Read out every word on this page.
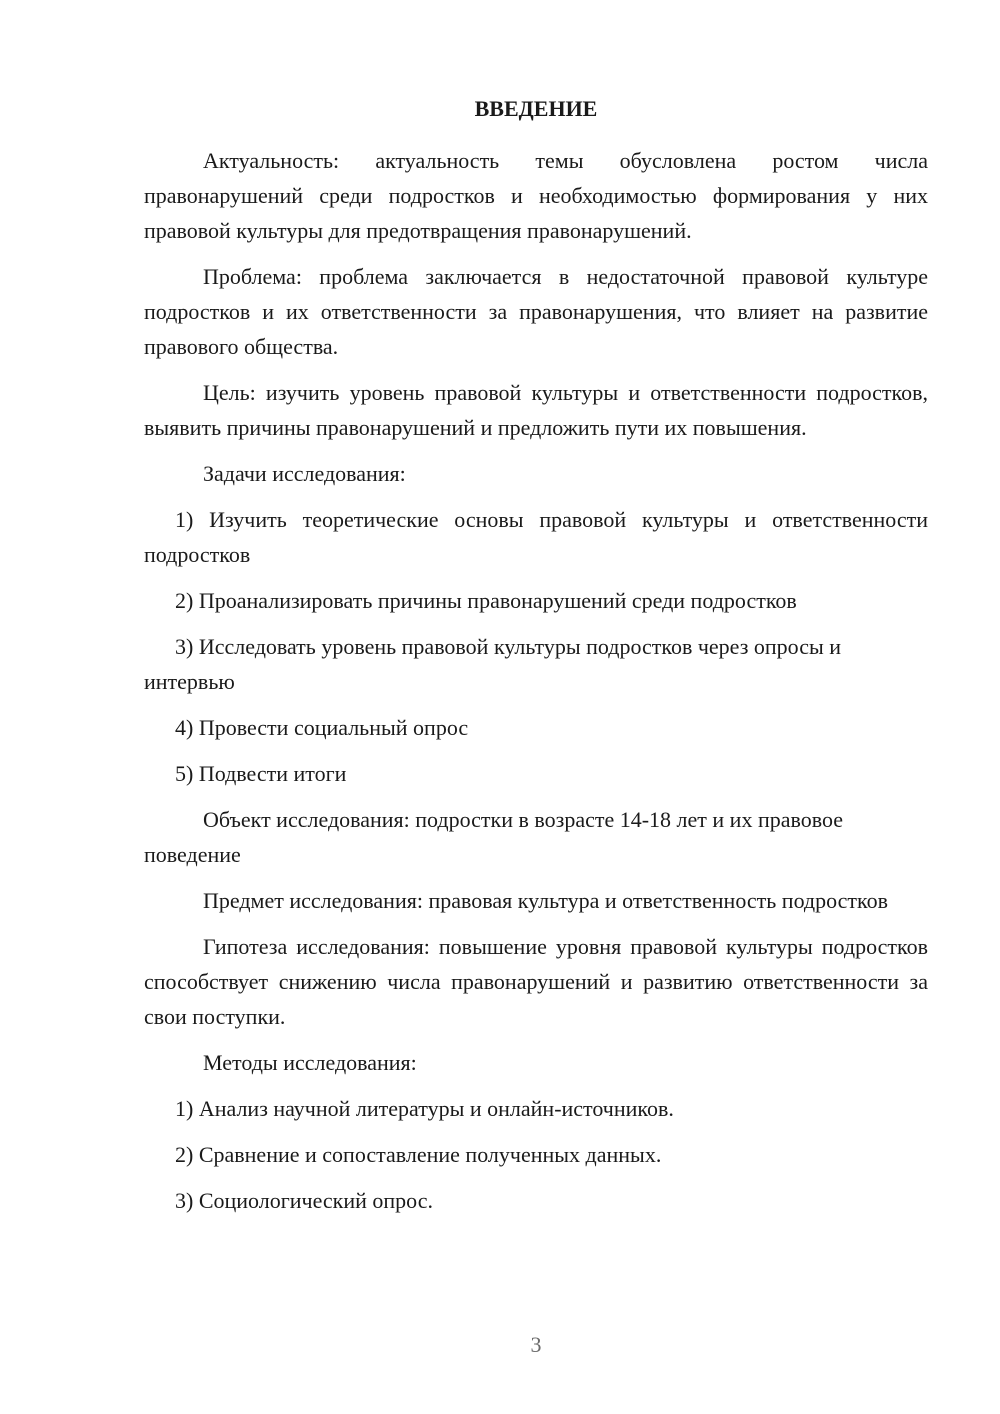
ВВЕДЕНИЕ

Актуальность: актуальность темы обусловлена ростом числа правонарушений среди подростков и необходимостью формирования у них правовой культуры для предотвращения правонарушений.

Проблема: проблема заключается в недостаточной правовой культуре подростков и их ответственности за правонарушения, что влияет на развитие правового общества.

Цель: изучить уровень правовой культуры и ответственности подростков, выявить причины правонарушений и предложить пути их повышения.

Задачи исследования:

1) Изучить теоретические основы правовой культуры и ответственности подростков

2) Проанализировать причины правонарушений среди подростков

3) Исследовать уровень правовой культуры подростков через опросы и интервью

4) Провести социальный опрос

5) Подвести итоги

Объект исследования: подростки в возрасте 14-18 лет и их правовое поведение

Предмет исследования: правовая культура и ответственность подростков

Гипотеза исследования: повышение уровня правовой культуры подростков способствует снижению числа правонарушений и развитию ответственности за свои поступки.

Методы исследования:

1) Анализ научной литературы и онлайн-источников.

2) Сравнение и сопоставление полученных данных.

3) Социологический опрос.

3
